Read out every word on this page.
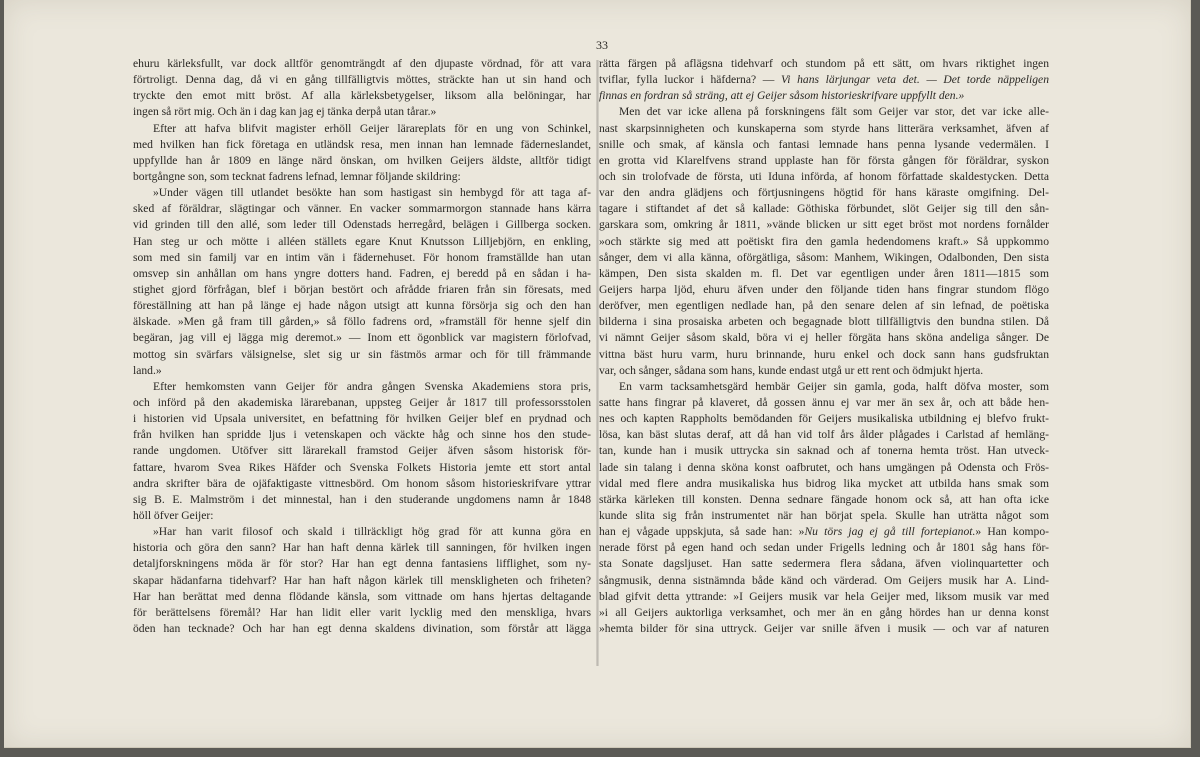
33
ehuru kärleksfullt, var dock alltför genomträngdt af den djupaste vördnad, för att vara
förtroligt. Denna dag, då vi en gång tillfälligtvis möttes, sträckte han ut sin hand och
tryckte den emot mitt bröst. Af alla kärleksbetygelser, liksom alla belöningar, har
ingen så rört mig. Och än i dag kan jag ej tänka derpå utan tårar.»
Efter att hafva blifvit magister erhöll Geijer lärareplats för en ung von Schinkel,
med hvilken han fick företaga en utländsk resa, men innan han lemnade fäderneslandet,
uppfyllde han år 1809 en länge närd önskan, om hvilken Geijers äldste, alltför tidigt
bortgångne son, som tecknat fadrens lefnad, lemnar följande skildring:
»Under vägen till utlandet besökte han som hastigast sin hembygd för att taga af-
sked af föräldrar, slägtingar och vänner. En vacker sommarmorgon stannade hans kärra
vid grinden till den allé, som leder till Odenstads herregård, belägen i Gillberga socken.
Han steg ur och mötte i alléen ställets egare Knut Knutsson Lilljebjörn, en enkling,
som med sin familj var en intim vän i fädernehuset. För honom framställde han utan
omsvep sin anhållan om hans yngre dotters hand. Fadren, ej beredd på en sådan i ha-
stighet gjord förfrågan, blef i början bestört och afrådde friaren från sin föresats, med
föreställning att han på länge ej hade någon utsigt att kunna försörja sig och den han
älskade. »Men gå fram till gården,» så föllo fadrens ord, »framställ för henne sjelf din
begäran, jag vill ej lägga mig deremot.» — Inom ett ögonblick var magistern förlofvad,
mottog sin svärfars välsignelse, slet sig ur sin fästmös armar och för till främmande
land.»
Efter hemkomsten vann Geijer för andra gången Svenska Akademiens stora pris,
och införd på den akademiska lärarebanan, uppsteg Geijer år 1817 till professorsstolen
i historien vid Upsala universitet, en befattning för hvilken Geijer blef en prydnad och
från hvilken han spridde ljus i vetenskapen och väckte håg och sinne hos den stude-
rande ungdomen. Utöfver sitt lärarekall framstod Geijer äfven såsom historisk för-
fattare, hvarom Svea Rikes Häfder och Svenska Folkets Historia jemte ett stort antal
andra skrifter bära de ojäfaktigaste vittnesbörd. Om honom såsom historieskrifvare yttrar
sig B. E. Malmström i det minnestal, han i den studerande ungdomens namn år 1848
höll öfver Geijer:
»Har han varit filosof och skald i tillräckligt hög grad för att kunna göra en
historia och göra den sann? Har han haft denna kärlek till sanningen, för hvilken ingen
detaljforskningens möda är för stor? Har han egt denna fantasiens lifflighet, som ny-
skapar hädanfarna tidehvarf? Har han haft någon kärlek till menskligheten och friheten?
Har han berättat med denna flödande känsla, som vittnade om hans hjertas deltagande
för berättelsens föremål? Har han lidit eller varit lycklig med den menskliga, hvars
öden han tecknade? Och har han egt denna skaldens divination, som förstår att lägga
rätta färgen på aflägsna tidehvarf och stundom på ett sätt, om hvars riktighet ingen
tviflar, fylla luckor i häfderna? — Vi hans lärjungar veta det. — Det torde näppeligen
finnas en fordran så sträng, att ej Geijer såsom historieskrifvare uppfyllt den.»
Men det var icke allena på forskningens fält som Geijer var stor, det var icke alle-
nast skarpsinnigheten och kunskaperna som styrde hans litterära verksamhet, äfven af
snille och smak, af känsla och fantasi lemnade hans penna lysande vedermälen. I
en grotta vid Klarelfvens strand upplaste han för första gången för föräldrar, syskon
och sin trolofvade de första, uti Iduna införda, af honom författade skaldestycken. Detta
var den andra glädjens och förtjusningens högtid för hans käraste omgifning. Del-
tagare i stiftandet af det så kallade: Göthiska förbundet, slöt Geijer sig till den sån-
garskara som, omkring år 1811, »vände blicken ur sitt eget bröst mot nordens fornålder
»och stärkte sig med att poëtiskt fira den gamla hedendomens kraft.» Så uppkommo
sånger, dem vi alla känna, oförgätliga, såsom: Manhem, Wikingen, Odalbonden, Den sista
kämpen, Den sista skalden m. fl. Det var egentligen under åren 1811—1815 som
Geijers harpa ljöd, ehuru äfven under den följande tiden hans fingrar stundom flögo
deröfver, men egentligen nedlade han, på den senare delen af sin lefnad, de poëtiska
bilderna i sina prosaiska arbeten och begagnade blott tillfälligtvis den bundna stilen. Då
vi nämnt Geijer såsom skald, böra vi ej heller förgäta hans sköna andeliga sånger. De
vittna bäst huru varm, huru brinnande, huru enkel och dock sann hans gudsfruktan
var, och sånger, sådana som hans, kunde endast utgå ur ett rent och ödmjukt hjerta.
En varm tacksamhetsgärd hembär Geijer sin gamla, goda, halft döfva moster, som
satte hans fingrar på klaveret, då gossen ännu ej var mer än sex år, och att både hen-
nes och kapten Rappholts bemödanden för Geijers musikaliska utbildning ej blefvo frukt-
lösa, kan bäst slutas deraf, att då han vid tolf års ålder plågades i Carlstad af hemläng-
tan, kunde han i musik uttrycka sin saknad och af tonerna hemta tröst. Han utveck-
lade sin talang i denna sköna konst oafbrutet, och hans umgängen på Odensta och Frös-
vidal med flere andra musikaliska hus bidrog lika mycket att utbilda hans smak som
stärka kärleken till konsten. Denna sednare fängade honom ock så, att han ofta icke
kunde slita sig från instrumentet när han börjat spela. Skulle han uträtta något som
han ej vågade uppskjuta, så sade han: »Nu törs jag ej gå till fortepianot.» Han kompo-
nerade först på egen hand och sedan under Frigells ledning och år 1801 såg hans för-
sta Sonate dagsljuset. Han satte sedermera flera sådana, äfven violinquartetter och
sångmusik, denna sistnämnda både känd och värderad. Om Geijers musik har A. Lind-
blad gifvit detta yttrande: »I Geijers musik var hela Geijer med, liksom musik var med
»i all Geijers auktorliga verksamhet, och mer än en gång hördes han ur denna konst
»hemta bilder för sina uttryck. Geijer var snille äfven i musik — och var af naturen
